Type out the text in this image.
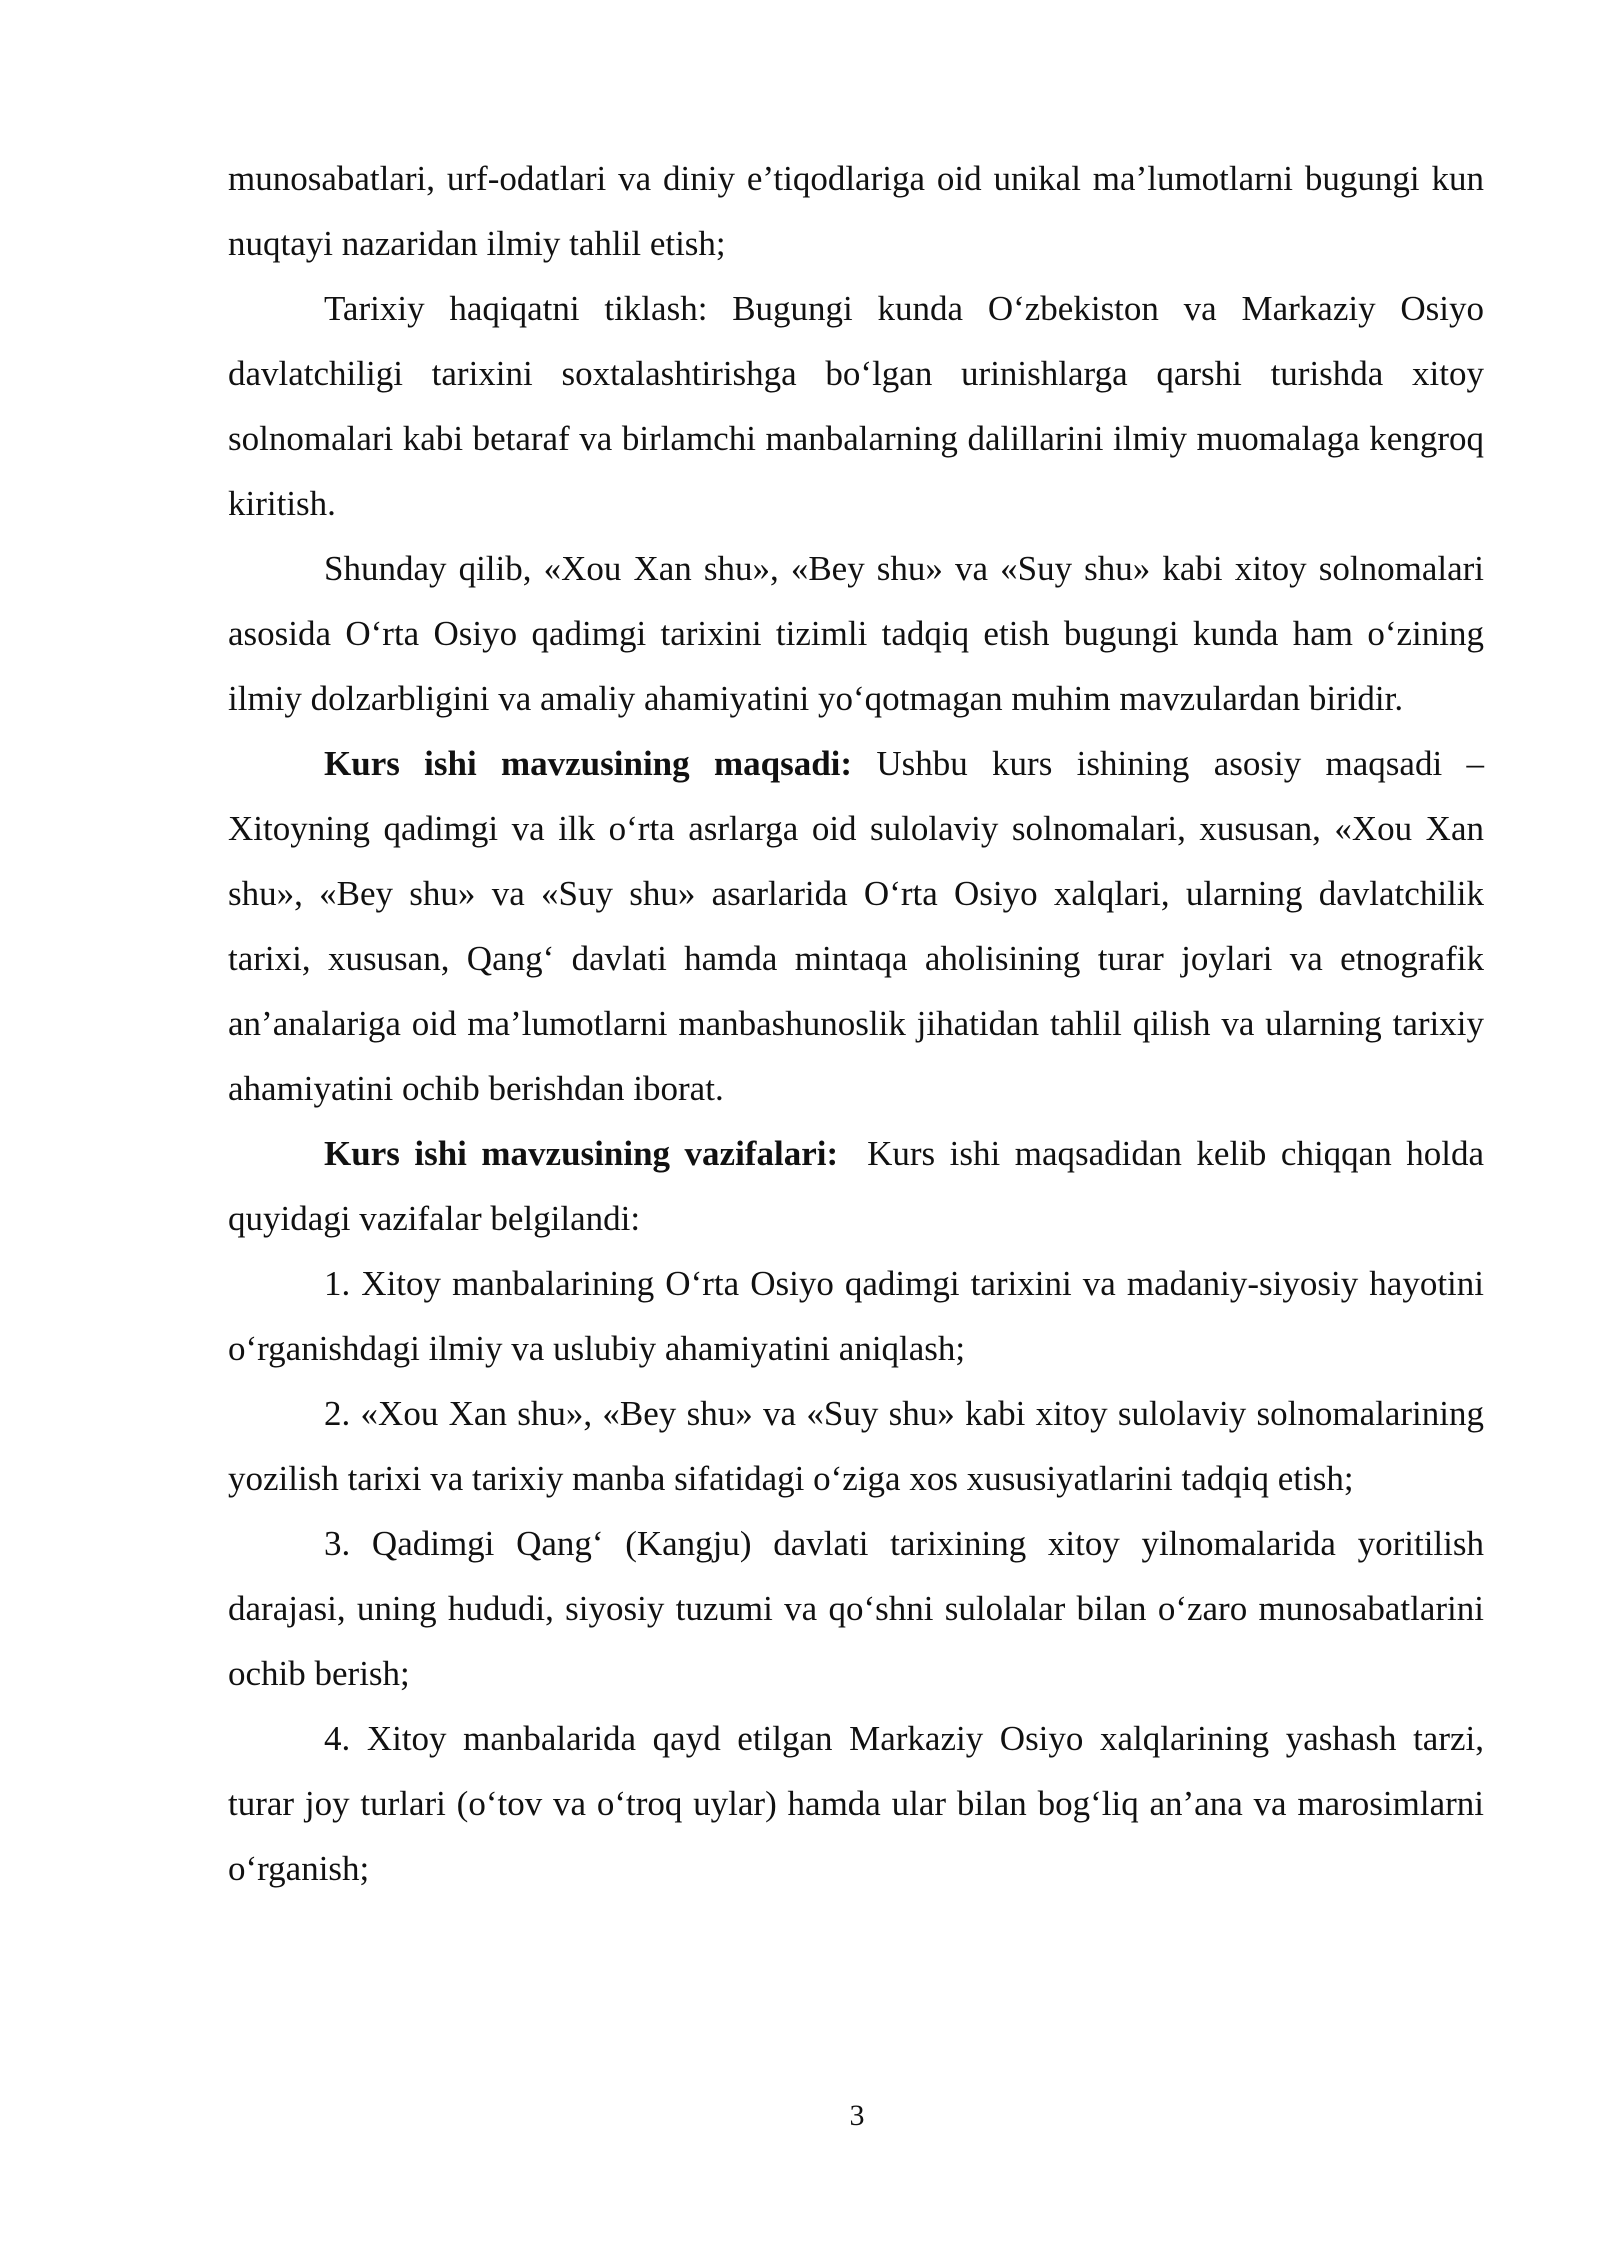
munosabatlari, urf-odatlari va diniy e’tiqodlariga oid unikal ma’lumotlarni bugungi kun nuqtayi nazaridan ilmiy tahlil etish;

Tarixiy haqiqatni tiklash: Bugungi kunda O‘zbekiston va Markaziy Osiyo davlatchiligi tarixini soxtalashtirishga bo‘lgan urinishlarga qarshi turishda xitoy solnomalari kabi betaraf va birlamchi manbalarning dalillarini ilmiy muomalaga kengroq kiritish.

Shunday qilib, «Xou Xan shu», «Bey shu» va «Suy shu» kabi xitoy solnomalari asosida O‘rta Osiyo qadimgi tarixini tizimli tadqiq etish bugungi kunda ham o‘zining ilmiy dolzarbligini va amaliy ahamiyatini yo‘qotmagan muhim mavzulardan biridir.

Kurs ishi mavzusining maqsadi: Ushbu kurs ishining asosiy maqsadi – Xitoyning qadimgi va ilk o‘rta asrlarga oid sulolaviy solnomalari, xususan, «Xou Xan shu», «Bey shu» va «Suy shu» asarlarida O‘rta Osiyo xalqlari, ularning davlatchilik tarixi, xususan, Qang‘ davlati hamda mintaqa aholisining turar joylari va etnografik an’analariga oid ma’lumotlarni manbashunoslik jihatidan tahlil qilish va ularning tarixiy ahamiyatini ochib berishdan iborat.

Kurs ishi mavzusining vazifalari:  Kurs ishi maqsadidan kelib chiqqan holda quyidagi vazifalar belgilandi:

1. Xitoy manbalarining O‘rta Osiyo qadimgi tarixini va madaniy-siyosiy hayotini o‘rganishdagi ilmiy va uslubiy ahamiyatini aniqlash;

2. «Xou Xan shu», «Bey shu» va «Suy shu» kabi xitoy sulolaviy solnomalarining yozilish tarixi va tarixiy manba sifatidagi o‘ziga xos xususiyatlarini tadqiq etish;

3. Qadimgi Qang‘ (Kangju) davlati tarixining xitoy yilnomalarida yoritilish darajasi, uning hududi, siyosiy tuzumi va qo‘shni sulolalar bilan o‘zaro munosabatlarini ochib berish;

4. Xitoy manbalarida qayd etilgan Markaziy Osiyo xalqlarining yashash tarzi, turar joy turlari (o‘tov va o‘troq uylar) hamda ular bilan bog‘liq an’ana va marosimlarni o‘rganish;

3
